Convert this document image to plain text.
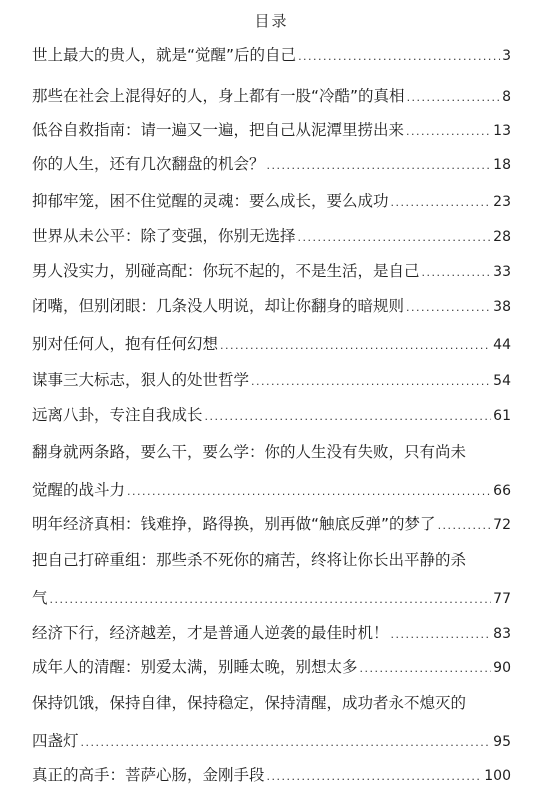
目录
世上最大的贵人，就是“觉醒”后的自己 .....	3
那些在社会上混得好的人，身上都有一股“冷酷”的真相 .....	8
低谷自救指南：请一遍又一遍，把自己从泥潭里捞出来 .....	13
你的人生，还有几次翻盘的机会？ .....	18
抑郁牢笼，困不住觉醒的灵魂：要么成长，要么成功 .....	23
世界从未公平：除了变强，你别无选择 .....	28
男人没实力，别碰高配：你玩不起的，不是生活，是自己 .....	33
闭嘴，但别闭眼：几条没人明说，却让你翻身的暗规则 .....	38
别对任何人，抱有任何幻想 .....	44
谋事三大标志，狠人的处世哲学 .....	54
远离八卦，专注自我成长 .....	61
翻身就两条路，要么干，要么学：你的人生没有失败，只有尚未
觉醒的战斗力 .....	66
明年经济真相：钱难挣，路得换，别再做“触底反弹”的梦了 .....	72
把自己打碎重组：那些杀不死你的痛苦，终将让你长出平静的杀
气 .....	77
经济下行，经济越差，才是普通人逆袭的最佳时机！ .....	83
成年人的清醒：别爱太满，别睡太晚，别想太多 .....	90
保持饥饿，保持自律，保持稳定，保持清醒，成功者永不熄灭的
四盏灯 .....	95
真正的高手：菩萨心肠，金刚手段 .....	100
